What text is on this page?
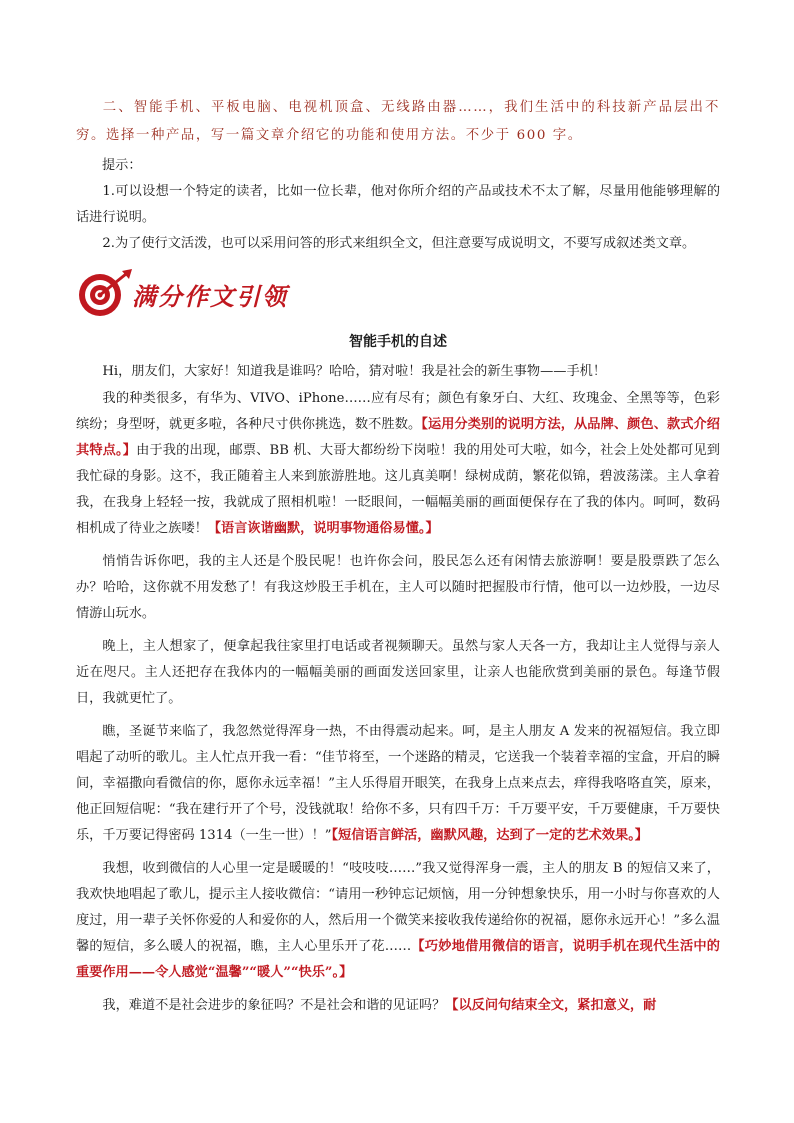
二、智能手机、平板电脑、电视机顶盒、无线路由器……，我们生活中的科技新产品层出不穷。选择一种产品，写一篇文章介绍它的功能和使用方法。不少于 600 字。

提示：

1.可以设想一个特定的读者，比如一位长辈，他对你所介绍的产品或技术不太了解，尽量用他能够理解的话进行说明。

2.为了使行文活泼，也可以采用问答的形式来组织全文，但注意要写成说明文，不要写成叙述类文章。

满分作文引领
智能手机的自述

Hi，朋友们，大家好！知道我是谁吗？哈哈，猜对啦！我是社会的新生事物——手机！

我的种类很多，有华为、VIVO、iPhone……应有尽有；颜色有象牙白、大红、玫瑰金、全黑等等，色彩缤纷；身型呀，就更多啦，各种尺寸供你挑选，数不胜数。【运用分类别的说明方法，从品牌、颜色、款式介绍其特点。】由于我的出现，邮票、BB 机、大哥大都纷纷下岗啦！我的用处可大啦，如今，社会上处处都可见到我忙碌的身影。这不，我正随着主人来到旅游胜地。这儿真美啊！绿树成荫，繁花似锦，碧波荡漾。主人拿着我，在我身上轻轻一按，我就成了照相机啦！一眨眼间，一幅幅美丽的画面便保存在了我的体内。呵呵，数码相机成了待业之族喽！【语言诙谐幽默，说明事物通俗易懂。】

悄悄告诉你吧，我的主人还是个股民呢！也许你会问，股民怎么还有闲情去旅游啊！要是股票跌了怎么办？哈哈，这你就不用发愁了！有我这炒股王手机在，主人可以随时把握股市行情，他可以一边炒股，一边尽情游山玩水。

晚上，主人想家了，便拿起我往家里打电话或者视频聊天。虽然与家人天各一方，我却让主人觉得与亲人近在咫尺。主人还把存在我体内的一幅幅美丽的画面发送回家里，让亲人也能欣赏到美丽的景色。每逢节假日，我就更忙了。

瞧，圣诞节来临了，我忽然觉得浑身一热，不由得震动起来。呵，是主人朋友 A 发来的祝福短信。我立即唱起了动听的歌儿。主人忙点开我一看：“佳节将至，一个迷路的精灵，它送我一个装着幸福的宝盒，开启的瞬间，幸福撒向看微信的你，愿你永远幸福！”主人乐得眉开眼笑，在我身上点来点去，痒得我咯咯直笑，原来，他正回短信呢：“我在建行开了个号，没钱就取！给你不多，只有四千万：千万要平安，千万要健康，千万要快乐，千万要记得密码 1314（一生一世）！”【短信语言鲜活，幽默风趣，达到了一定的艺术效果。】

我想，收到微信的人心里一定是暖暖的！“吱吱吱……”我又觉得浑身一震，主人的朋友 B 的短信又来了，我欢快地唱起了歌儿，提示主人接收微信：“请用一秒钟忘记烦恼，用一分钟想象快乐，用一小时与你喜欢的人度过，用一辈子关怀你爱的人和爱你的人，然后用一个微笑来接收我传递给你的祝福，愿你永远开心！”多么温馨的短信，多么暖人的祝福，瞧，主人心里乐开了花……【巧妙地借用微信的语言，说明手机在现代生活中的重要作用——令人感觉“温馨”“暖人”“快乐”。】

我，难道不是社会进步的象征吗？不是社会和谐的见证吗？【以反问句结束全文，紧扣意义，耐
